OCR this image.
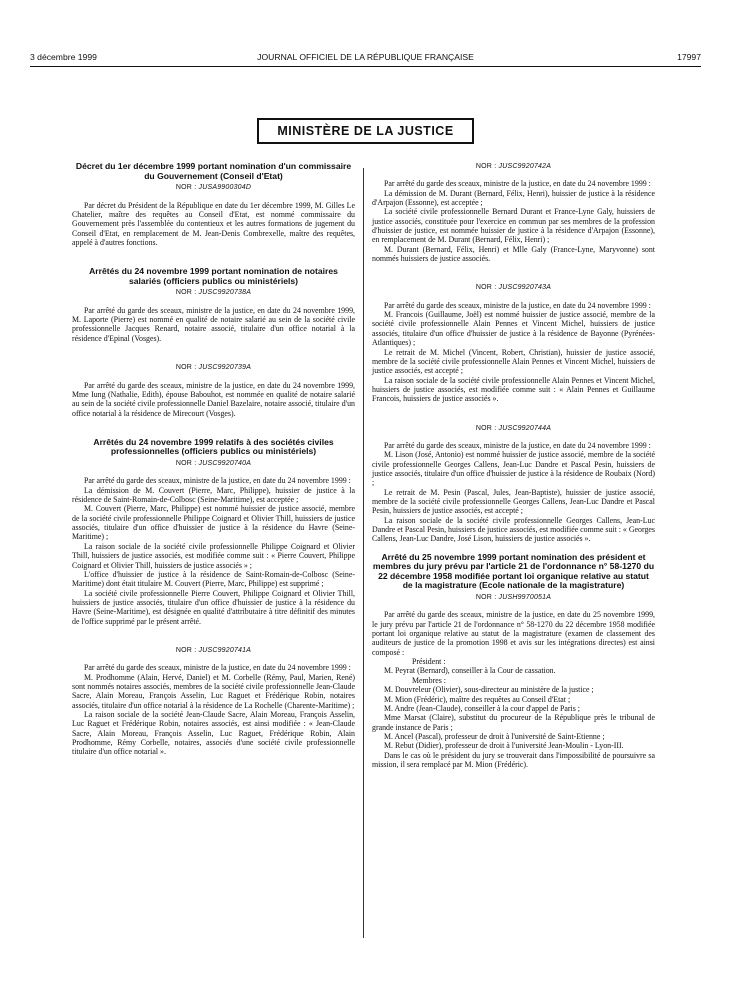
3 décembre 1999	JOURNAL OFFICIEL DE LA RÉPUBLIQUE FRANÇAISE	17997
MINISTÈRE DE LA JUSTICE
Décret du 1er décembre 1999 portant nomination d'un commissaire du Gouvernement (Conseil d'Etat)
NOR : JUSA9900304D

Par décret du Président de la République en date du 1er décembre 1999, M. Gilles Le Chatelier, maître des requêtes au Conseil d'Etat, est nommé commissaire du Gouvernement près l'assemblée du contentieux et les autres formations de jugement du Conseil d'Etat, en remplacement de M. Jean-Denis Combrexelle, maître des requêtes, appelé à d'autres fonctions.

Arrêtés du 24 novembre 1999 portant nomination de notaires salariés (officiers publics ou ministériels)
NOR : JUSC9920738A

Par arrêté du garde des sceaux, ministre de la justice, en date du 24 novembre 1999, M. Laporte (Pierre) est nommé en qualité de notaire salarié au sein de la société civile professionnelle Jacques Renard, notaire associé, titulaire d'un office notarial à la résidence d'Epinal (Vosges).

NOR : JUSC9920739A

Par arrêté du garde des sceaux, ministre de la justice, en date du 24 novembre 1999, Mme Iung (Nathalie, Edith), épouse Babouhot, est nommée en qualité de notaire salarié au sein de la société civile professionnelle Daniel Bazelaire, notaire associé, titulaire d'un office notarial à la résidence de Mirecourt (Vosges).

Arrêtés du 24 novembre 1999 relatifs à des sociétés civiles professionnelles (officiers publics ou ministériels)
NOR : JUSC9920740A

Par arrêté du garde des sceaux, ministre de la justice, en date du 24 novembre 1999 :

La démission de M. Couvert (Pierre, Marc, Philippe), huissier de justice à la résidence de Saint-Romain-de-Colbosc (Seine-Maritime), est acceptée ;

M. Couvert (Pierre, Marc, Philippe) est nommé huissier de justice associé, membre de la société civile professionnelle Philippe Coignard et Olivier Thill, huissiers de justice associés, titulaire d'un office d'huissier de justice à la résidence du Havre (Seine-Maritime) ;

La raison sociale de la société civile professionnelle Philippe Coignard et Olivier Thill, huissiers de justice associés, est modifiée comme suit : « Pierre Couvert, Philippe Coignard et Olivier Thill, huissiers de justice associés » ;

L'office d'huissier de justice à la résidence de Saint-Romain-de-Colbosc (Seine-Maritime) dont était titulaire M. Couvert (Pierre, Marc, Philippe) est supprimé ;

La société civile professionnelle Pierre Couvert, Philippe Coignard et Olivier Thill, huissiers de justice associés, titulaire d'un office d'huissier de justice à la résidence du Havre (Seine-Maritime), est désignée en qualité d'attributaire à titre définitif des minutes de l'office supprimé par le présent arrêté.

NOR : JUSC9920741A

Par arrêté du garde des sceaux, ministre de la justice, en date du 24 novembre 1999 :

M. Prodhomme (Alain, Hervé, Daniel) et M. Corbelle (Rémy, Paul, Marien, René) sont nommés notaires associés, membres de la société civile professionnelle Jean-Claude Sacre, Alain Moreau, François Asselin, Luc Raguet et Frédérique Robin, notaires associés, titulaire d'un office notarial à la résidence de La Rochelle (Charente-Maritime) ;

La raison sociale de la société Jean-Claude Sacre, Alain Moreau, François Asselin, Luc Raguet et Frédérique Robin, notaires associés, est ainsi modifiée : « Jean-Claude Sacre, Alain Moreau, François Asselin, Luc Raguet, Frédérique Robin, Alain Prodhomme, Rémy Corbelle, notaires, associés d'une société civile professionnelle titulaire d'un office notarial ».

NOR : JUSC9920742A

Par arrêté du garde des sceaux, ministre de la justice, en date du 24 novembre 1999 :

La démission de M. Durant (Bernard, Félix, Henri), huissier de justice à la résidence d'Arpajon (Essonne), est acceptée ;

La société civile professionnelle Bernard Durant et France-Lyne Galy, huissiers de justice associés, constituée pour l'exercice en commun par ses membres de la profession d'huissier de justice, est nommée huissier de justice à la résidence d'Arpajon (Essonne), en remplacement de M. Durant (Bernard, Félix, Henri) ;

M. Durant (Bernard, Félix, Henri) et Mlle Galy (France-Lyne, Maryvonne) sont nommés huissiers de justice associés.

NOR : JUSC9920743A

Par arrêté du garde des sceaux, ministre de la justice, en date du 24 novembre 1999 :

M. Francois (Guillaume, Joël) est nommé huissier de justice associé, membre de la société civile professionnelle Alain Pennes et Vincent Michel, huissiers de justice associés, titulaire d'un office d'huissier de justice à la résidence de Bayonne (Pyrénées-Atlantiques) ;

Le retrait de M. Michel (Vincent, Robert, Christian), huissier de justice associé, membre de la société civile professionnelle Alain Pennes et Vincent Michel, huissiers de justice associés, est accepté ;

La raison sociale de la société civile professionnelle Alain Pennes et Vincent Michel, huissiers de justice associés, est modifiée comme suit : « Alain Pennes et Guillaume Francois, huissiers de justice associés ».

NOR : JUSC9920744A

Par arrêté du garde des sceaux, ministre de la justice, en date du 24 novembre 1999 :

M. Lison (José, Antonio) est nommé huissier de justice associé, membre de la société civile professionnelle Georges Callens, Jean-Luc Dandre et Pascal Pesin, huissiers de justice associés, titulaire d'un office d'huissier de justice à la résidence de Roubaix (Nord) ;

Le retrait de M. Pesin (Pascal, Jules, Jean-Baptiste), huissier de justice associé, membre de la société civile professionnelle Georges Callens, Jean-Luc Dandre et Pascal Pesin, huissiers de justice associés, est accepté ;

La raison sociale de la société civile professionnelle Georges Callens, Jean-Luc Dandre et Pascal Pesin, huissiers de justice associés, est modifiée comme suit : « Georges Callens, Jean-Luc Dandre, José Lison, huissiers de justice associés ».

Arrêté du 25 novembre 1999 portant nomination des président et membres du jury prévu par l'article 21 de l'ordonnance n° 58-1270 du 22 décembre 1958 modifiée portant loi organique relative au statut de la magistrature (Ecole nationale de la magistrature)
NOR : JUSH9970051A

Par arrêté du garde des sceaux, ministre de la justice, en date du 25 novembre 1999, le jury prévu par l'article 21 de l'ordonnance n° 58-1270 du 22 décembre 1958 modifiée portant loi organique relative au statut de la magistrature (examen de classement des auditeurs de justice de la promotion 1998 et avis sur les intégrations directes) est ainsi composé :

Président :

M. Peyrat (Bernard), conseiller à la Cour de cassation.

Membres :

M. Douvreleur (Olivier), sous-directeur au ministère de la justice ;

M. Mion (Frédéric), maître des requêtes au Conseil d'Etat ;

M. Andre (Jean-Claude), conseiller à la cour d'appel de Paris ;

Mme Marsat (Claire), substitut du procureur de la République près le tribunal de grande instance de Paris ;

M. Ancel (Pascal), professeur de droit à l'université de Saint-Etienne ;

M. Rebut (Didier), professeur de droit à l'université Jean-Moulin - Lyon-III.

Dans le cas où le président du jury se trouverait dans l'impossibilité de poursuivre sa mission, il sera remplacé par M. Mion (Frédéric).
